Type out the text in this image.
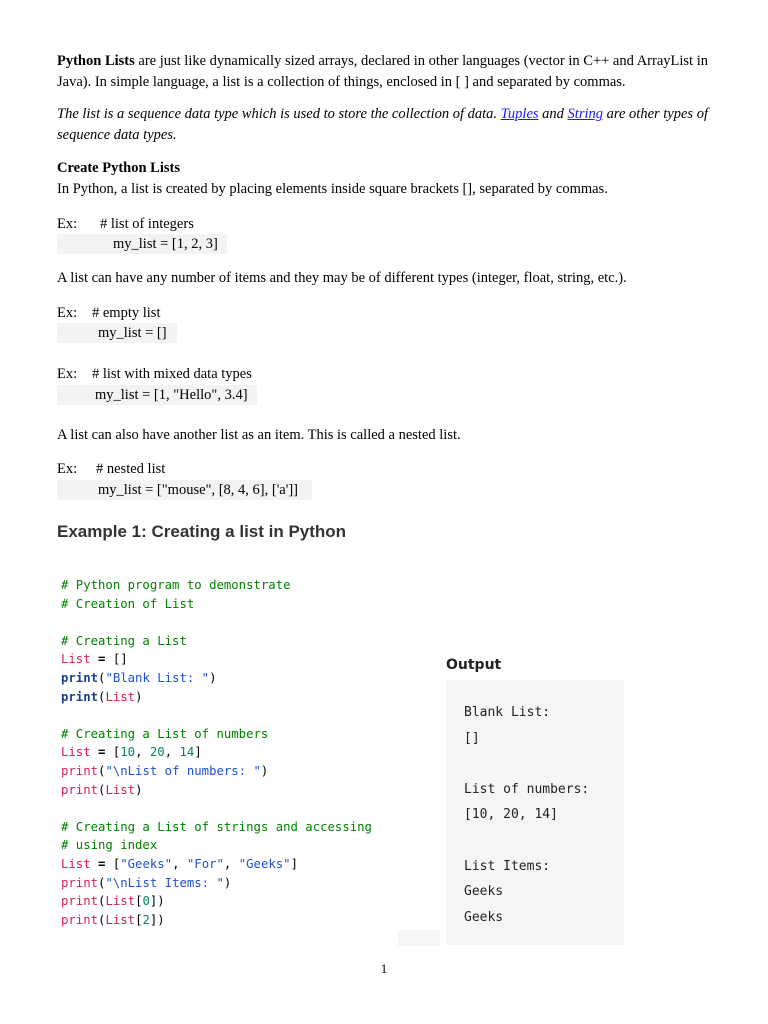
Python Lists are just like dynamically sized arrays, declared in other languages (vector in C++ and ArrayList in Java). In simple language, a list is a collection of things, enclosed in [ ] and separated by commas.

The list is a sequence data type which is used to store the collection of data. Tuples and String are other types of sequence data types.

Create Python Lists

In Python, a list is created by placing elements inside square brackets [], separated by commas.

Ex: # list of integers
my_list = [1, 2, 3]

A list can have any number of items and they may be of different types (integer, float, string, etc.).

Ex: # empty list
my_list = []
Ex: # list with mixed data types
my_list = [1, "Hello", 3.4]

A list can also have another list as an item. This is called a nested list.

Ex: # nested list
my_list = ["mouse", [8, 4, 6], ['a']]
Example 1: Creating a list in Python
# Python program to demonstrate
# Creation of List

# Creating a List
List = []
print("Blank List: ")
print(List)

# Creating a List of numbers
List = [10, 20, 14]
print("\nList of numbers: ")
print(List)

# Creating a List of strings and accessing
# using index
List = ["Geeks", "For", "Geeks"]
print("\nList Items: ")
print(List[0])
print(List[2])
Output
Blank List:
[]

List of numbers:
[10, 20, 14]

List Items:
Geeks
Geeks
1
